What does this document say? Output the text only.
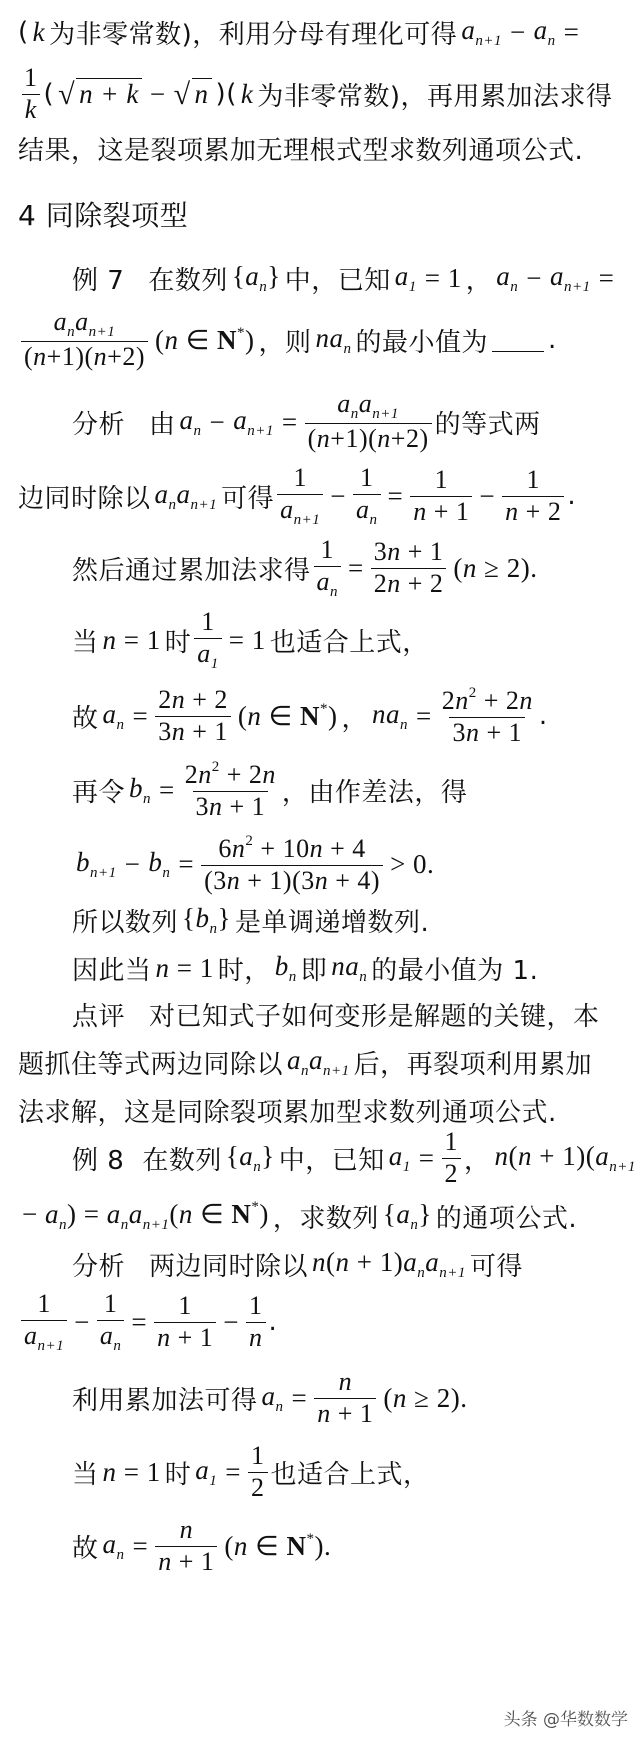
( k 为非零常数) ，利用分母有理化可得 $a_{n+1} - a_n$ =
$\frac{1}{k}$ ( √ n + k − √ n ) ( k 为非零常数) ，再用累加法求得
结果，这是裂项累加无理根式型求数列通项公式.
4 同除裂项型
例 7 在数列 $\{a_n\}$ 中，已知 $a_1 = 1$ ， $a_n - a_{n+1}$ =
$\frac{a_na_{n+1}}{(n+1)(n+2)} (n$ ∈ N*) ，则 $na_n$ 的最小值为 .
分析 由 $a_n - a_{n+1} = \frac{a_na_{n+1}}{(n+1)(n+2)}$ 的等式两
边同时除以 $a_na_{n+1}$ 可得 $\frac{1}{a_{n+1}} - \frac{1}{a_n} = \frac{1}{n + 1} - \frac{1}{n + 2}$ .
然后通过累加法求得 $\frac{1}{a_n} = \frac{3n + 1}{2n + 2} (n \ge 2)$.
当 n = 1 时 $\frac{1}{a_1} = 1$ 也适合上式，
故 $a_n = \frac{2n + 2}{3n + 1} (n$ ∈ N*) ， $na_n = \frac{2n^2 + 2n}{3n + 1}$ .
再令 $b_n = \frac{2n^2 + 2n}{3n + 1}$ ，由作差法，得
$b_{n+1} - b_n = \frac{6n^2 + 10n + 4}{(3n + 1)(3n + 4)} > 0$.
所以数列 $\{b_n\}$ 是单调递增数列.
因此当 n = 1 时 ， $b_n$ 即 $na_n$ 的最小值为 1.
点评 对已知式子如何变形是解题的关键，本
题抓住等式两边同除以 $a_na_{n+1}$ 后，再裂项利用累加
法求解，这是同除裂项累加型求数列通项公式.
例 8 在数列 $\{a_n\}$ 中，已知 $a_1 = \frac{1}{2}$ ， $n(n + 1)(a_{n+1}$
− $a_n) = a_na_{n+1}(n$ ∈ N*) ，求数列 $\{a_n\}$ 的通项公式.
分析 两边同时除以 $n(n + 1)a_na_{n+1}$ 可得
$\frac{1}{a_{n+1}} - \frac{1}{a_n} = \frac{1}{n + 1} - \frac{1}{n}$ .
利用累加法可得 $a_n = \frac{n}{n + 1} (n \ge 2)$.
当 n = 1 时 $a_1 = \frac{1}{2}$ 也适合上式，
故 $a_n = \frac{n}{n + 1} (n$ ∈ N*).
头条 @华数数学
